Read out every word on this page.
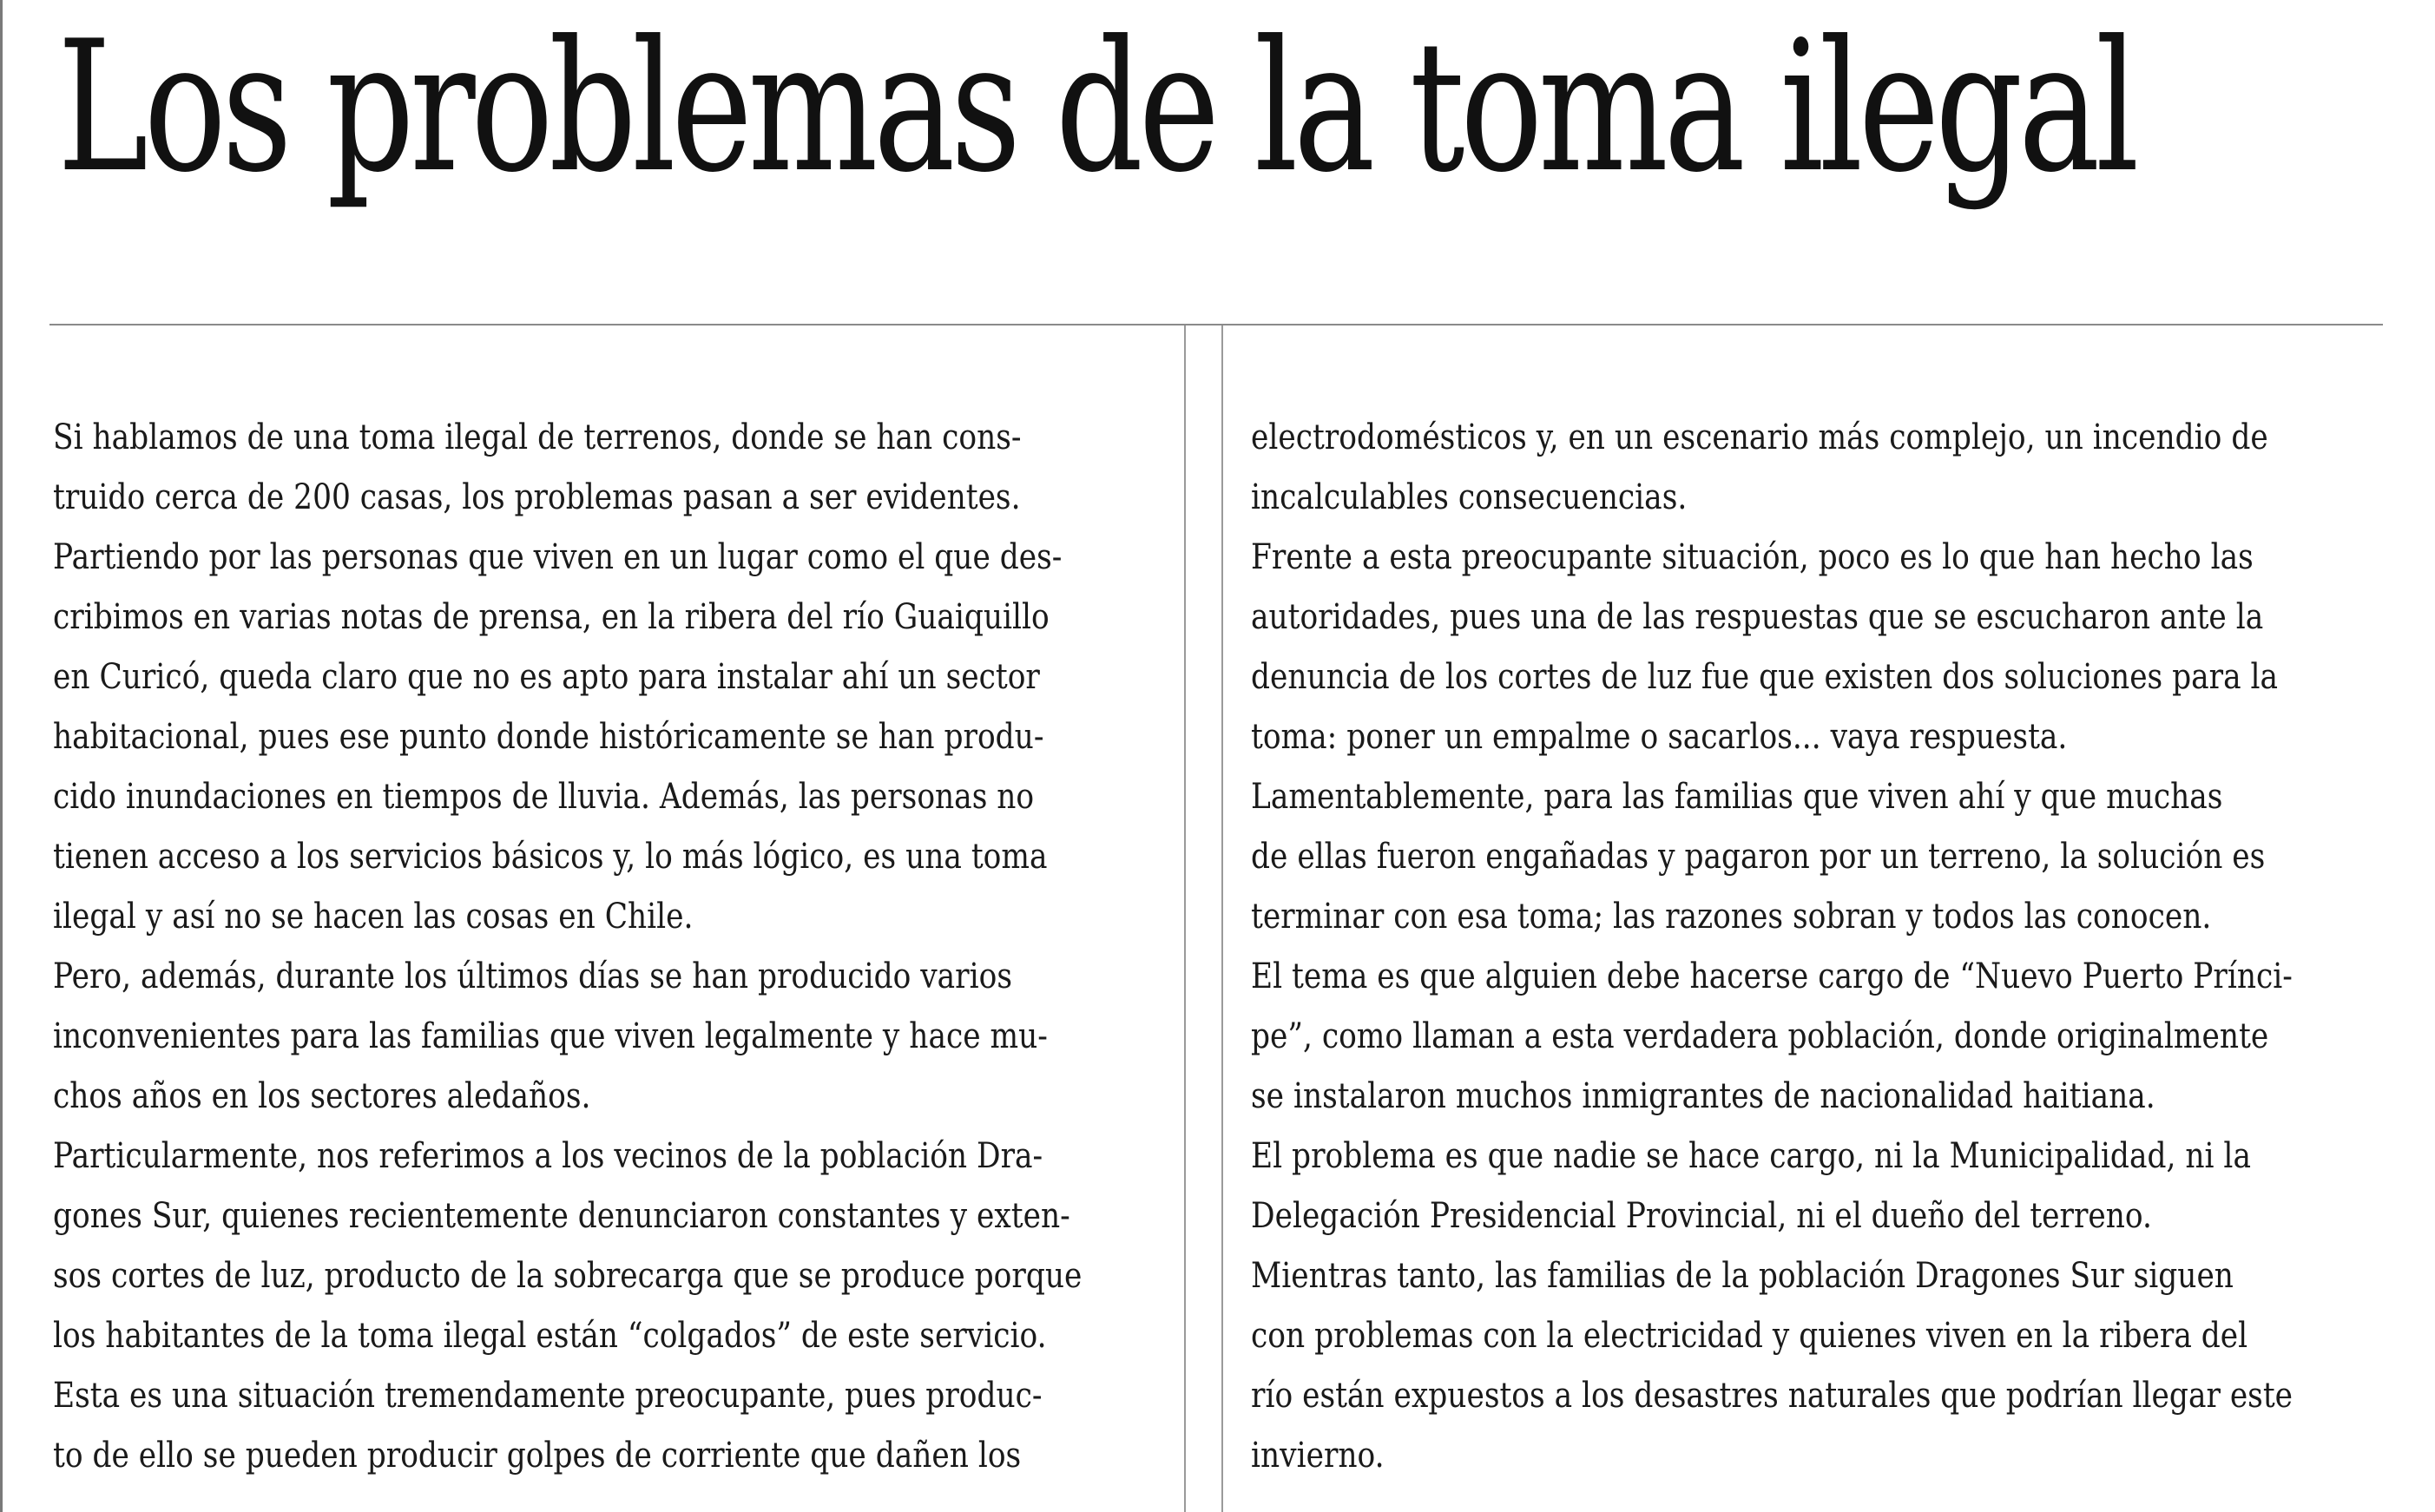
Los problemas de la toma ilegal
Si hablamos de una toma ilegal de terrenos, donde se han cons-
truido cerca de 200 casas, los problemas pasan a ser evidentes.
Partiendo por las personas que viven en un lugar como el que des-
cribimos en varias notas de prensa, en la ribera del río Guaiquillo
en Curicó, queda claro que no es apto para instalar ahí un sector
habitacional, pues ese punto donde históricamente se han produ-
cido inundaciones en tiempos de lluvia. Además, las personas no
tienen acceso a los servicios básicos y, lo más lógico, es una toma
ilegal y así no se hacen las cosas en Chile.
Pero, además, durante los últimos días se han producido varios
inconvenientes para las familias que viven legalmente y hace mu-
chos años en los sectores aledaños.
Particularmente, nos referimos a los vecinos de la población Dra-
gones Sur, quienes recientemente denunciaron constantes y exten-
sos cortes de luz, producto de la sobrecarga que se produce porque
los habitantes de la toma ilegal están “colgados” de este servicio.
Esta es una situación tremendamente preocupante, pues produc-
to de ello se pueden producir golpes de corriente que dañen los
electrodomésticos y, en un escenario más complejo, un incendio de
incalculables consecuencias.
Frente a esta preocupante situación, poco es lo que han hecho las
autoridades, pues una de las respuestas que se escucharon ante la
denuncia de los cortes de luz fue que existen dos soluciones para la
toma: poner un empalme o sacarlos... vaya respuesta.
Lamentablemente, para las familias que viven ahí y que muchas
de ellas fueron engañadas y pagaron por un terreno, la solución es
terminar con esa toma; las razones sobran y todos las conocen.
El tema es que alguien debe hacerse cargo de “Nuevo Puerto Prínci-
pe”, como llaman a esta verdadera población, donde originalmente
se instalaron muchos inmigrantes de nacionalidad haitiana.
El problema es que nadie se hace cargo, ni la Municipalidad, ni la
Delegación Presidencial Provincial, ni el dueño del terreno.
Mientras tanto, las familias de la población Dragones Sur siguen
con problemas con la electricidad y quienes viven en la ribera del
río están expuestos a los desastres naturales que podrían llegar este
invierno.
